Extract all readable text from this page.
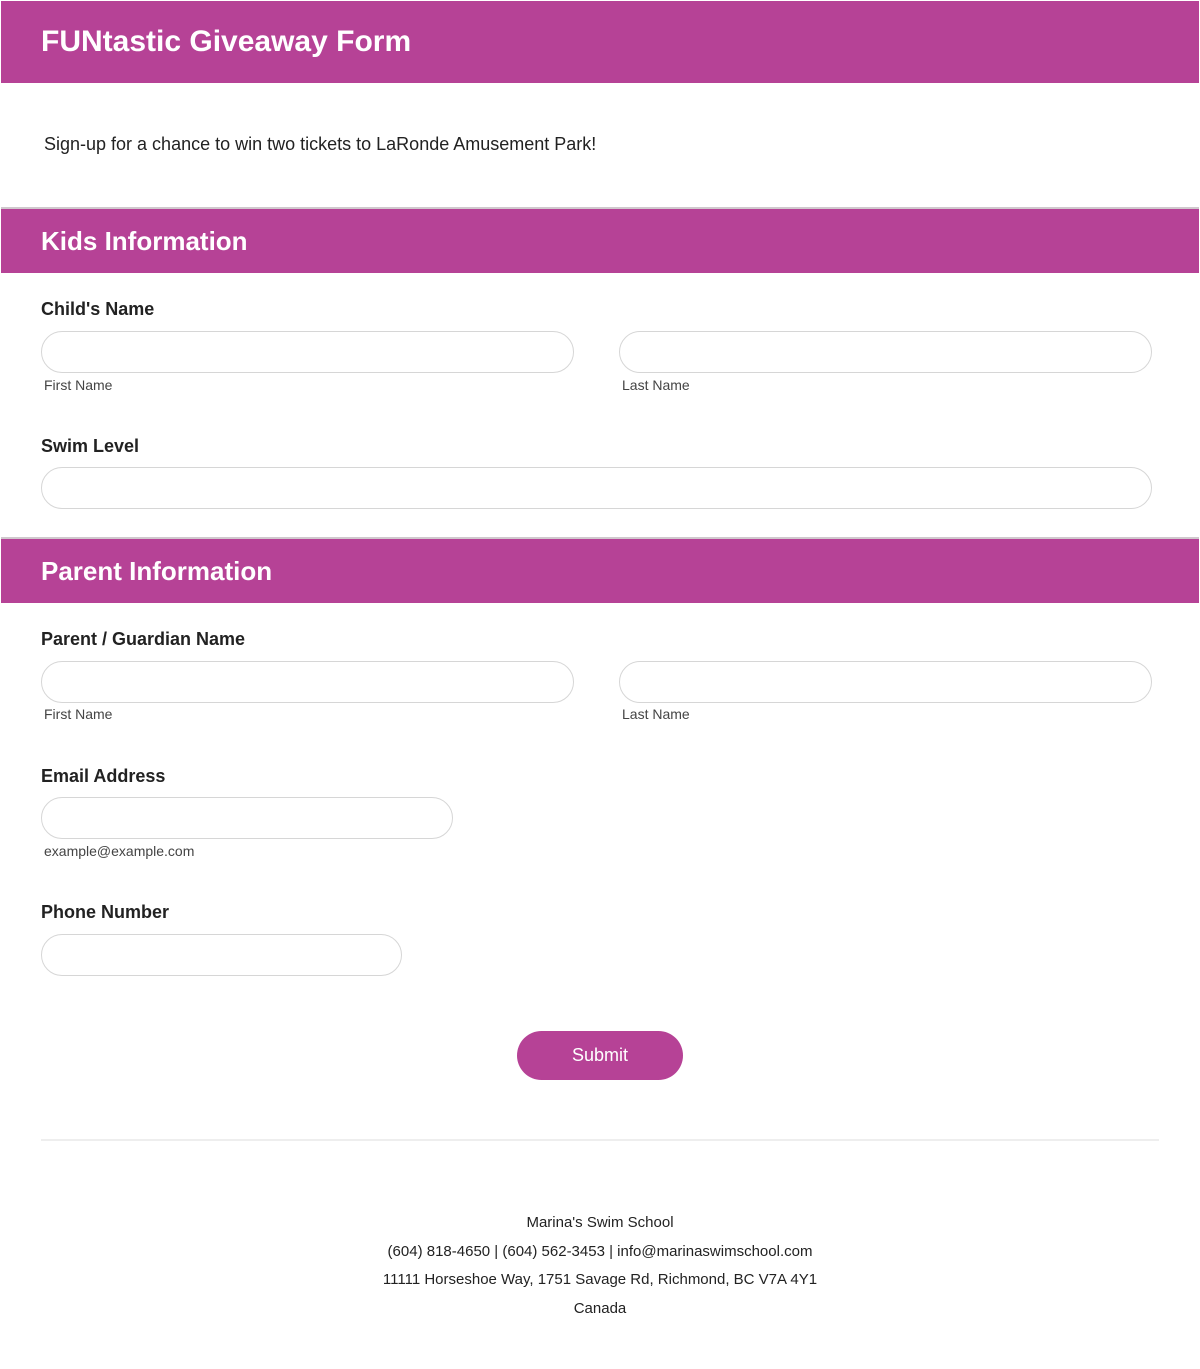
FUNtastic Giveaway Form
Sign-up for a chance to win two tickets to LaRonde Amusement Park!
Kids Information
Child's Name
First Name	Last Name
Swim Level
Parent Information
Parent / Guardian Name
First Name	Last Name
Email Address
example@example.com
Phone Number
Submit
Marina's Swim School
(604) 818-4650 | (604) 562-3453 | info@marinaswimschool.com
11111 Horseshoe Way, 1751 Savage Rd, Richmond, BC V7A 4Y1
Canada
